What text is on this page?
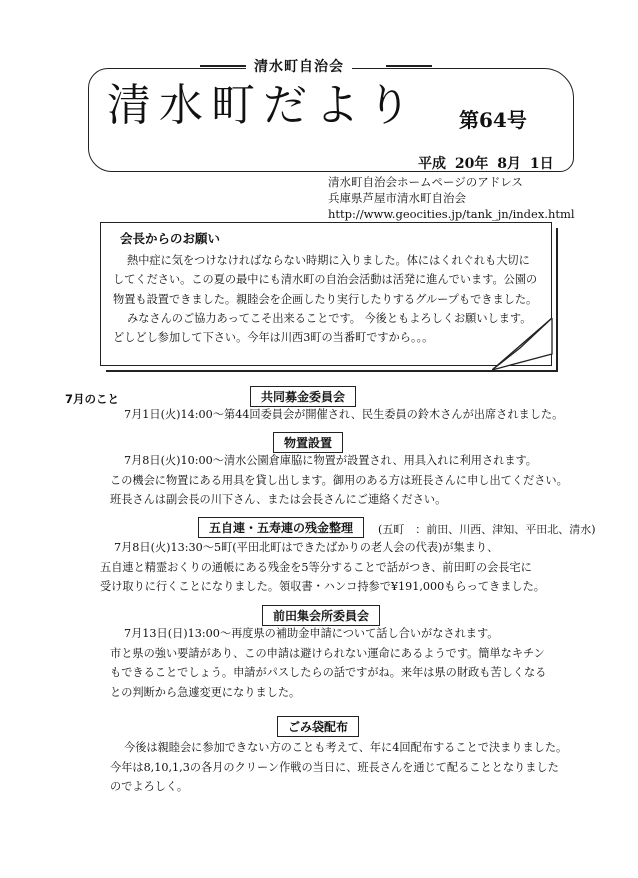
清水町自治会
清水町だより 第64号
平成 20年 8月 1日
清水町自治会ホームページのアドレス
兵庫県芦屋市清水町自治会
http://www.geocities.jp/tank_jn/index.html
会長からのお願い
熱中症に気をつけなければならない時期に入りました。体にはくれぐれも大切に
してください。この夏の最中にも清水町の自治会活動は活発に進んでいます。公園の
物置も設置できました。親睦会を企画したり実行したりするグループもできました。
みなさんのご協力あってこそ出来ることです。 今後ともよろしくお願いします。
どしどし参加して下さい。今年は川西3町の当番町ですから。。。
7月のこと	共同募金委員会
7月1日(火)14:00～第44回委員会が開催され、民生委員の鈴木さんが出席されました。
物置設置
7月8日(火)10:00～清水公園倉庫脇に物置が設置され、用具入れに利用されます。
この機会に物置にある用具を貸し出します。御用のある方は班長さんに申し出てください。
班長さんは副会長の川下さん、または会長さんにご連絡ください。
五自連・五寿連の残金整理	(五町　：前田、川西、津知、平田北、清水)
7月8日(火)13:30～5町(平田北町はできたばかりの老人会の代表)が集まり、
五自連と精霊おくりの通帳にある残金を5等分することで話がつき、前田町の会長宅に
受け取りに行くことになりました。領収書・ハンコ持参で¥191,000もらってきました。
前田集会所委員会
7月13日(日)13:00～再度県の補助金申請について話し合いがなされます。
市と県の強い要請があり、この申請は避けられない運命にあるようです。簡単なキチン
もできることでしょう。申請がパスしたらの話ですがね。来年は県の財政も苦しくなる
との判断から急遽変更になりました。
ごみ袋配布
今後は親睦会に参加できない方のことも考えて、年に4回配布することで決まりました。
今年は8,10,1,3の各月のクリーン作戦の当日に、班長さんを通じて配ることとなりました
のでよろしく。
